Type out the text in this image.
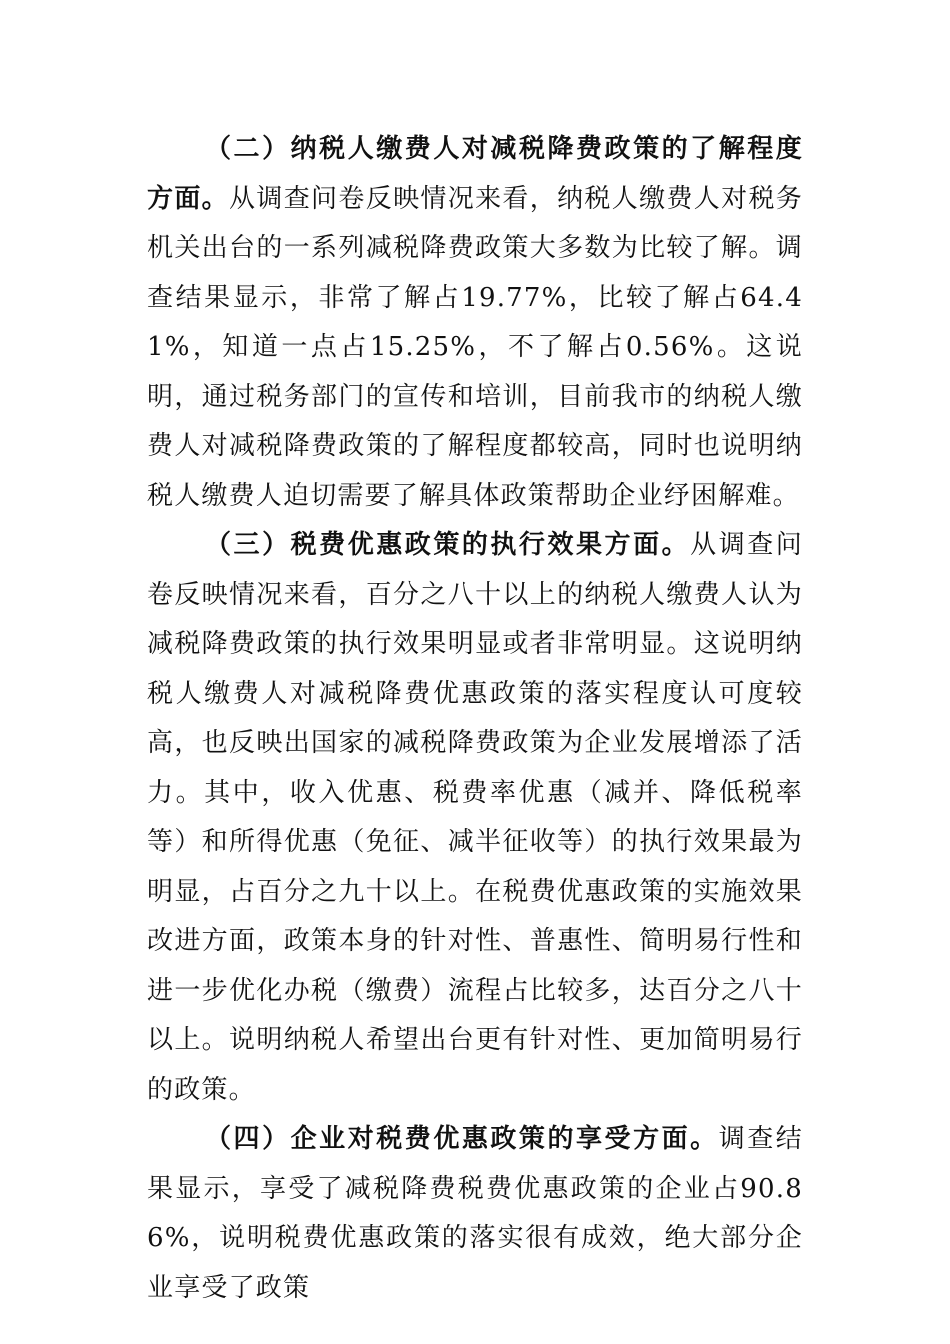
（二）纳税人缴费人对减税降费政策的了解程度方面。从调查问卷反映情况来看，纳税人缴费人对税务机关出台的一系列减税降费政策大多数为比较了解。调查结果显示，非常了解占19.77%，比较了解占64.41%，知道一点占15.25%，不了解占0.56%。这说明，通过税务部门的宣传和培训，目前我市的纳税人缴费人对减税降费政策的了解程度都较高，同时也说明纳税人缴费人迫切需要了解具体政策帮助企业纾困解难。

（三）税费优惠政策的执行效果方面。从调查问卷反映情况来看，百分之八十以上的纳税人缴费人认为减税降费政策的执行效果明显或者非常明显。这说明纳税人缴费人对减税降费优惠政策的落实程度认可度较高，也反映出国家的减税降费政策为企业发展增添了活力。其中，收入优惠、税费率优惠（减并、降低税率等）和所得优惠（免征、减半征收等）的执行效果最为明显，占百分之九十以上。在税费优惠政策的实施效果改进方面，政策本身的针对性、普惠性、简明易行性和进一步优化办税（缴费）流程占比较多，达百分之八十以上。说明纳税人希望出台更有针对性、更加简明易行的政策。

（四）企业对税费优惠政策的享受方面。调查结果显示，享受了减税降费税费优惠政策的企业占90.86%，说明税费优惠政策的落实很有成效，绝大部分企业享受了政策
